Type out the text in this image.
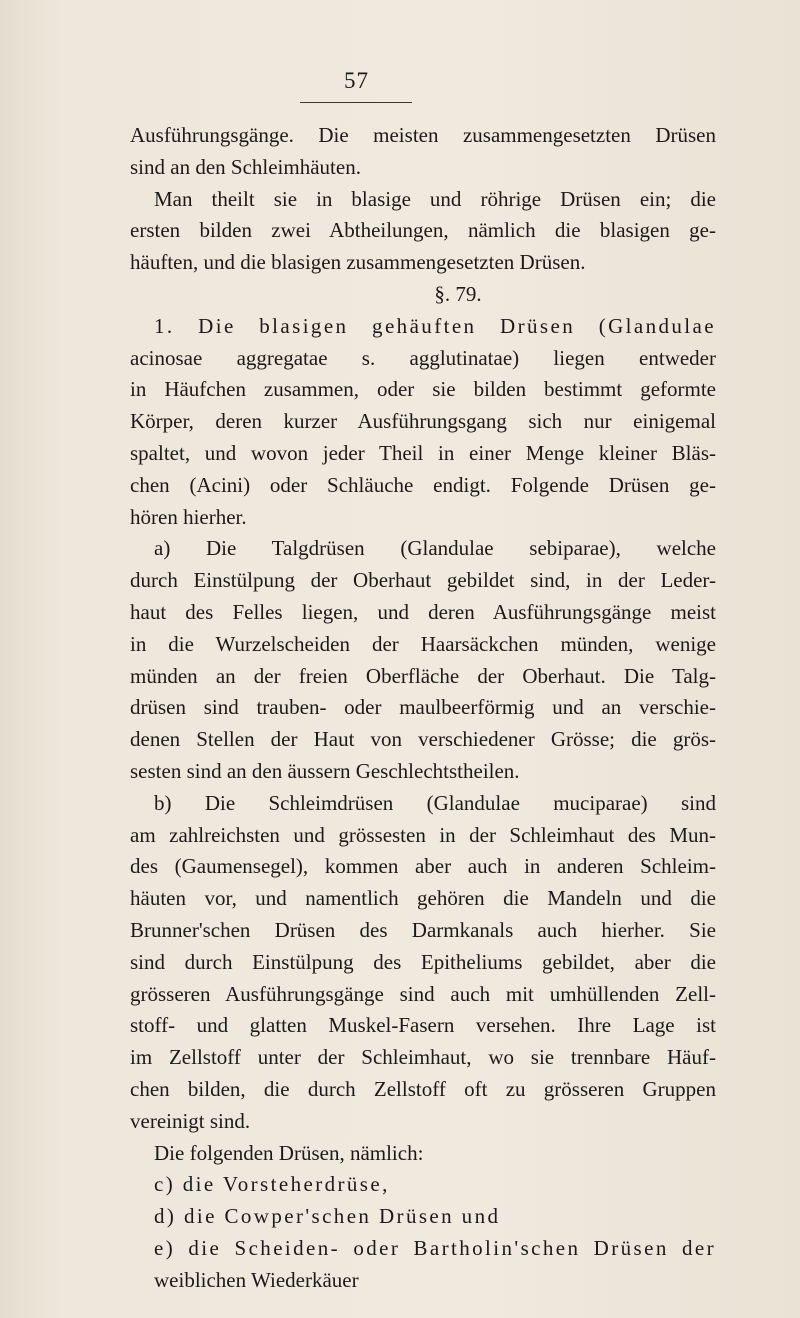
57
Ausführungsgänge. Die meisten zusammengesetzten Drüsen
sind an den Schleimhäuten.
Man theilt sie in blasige und röhrige Drüsen ein; die
ersten bilden zwei Abtheilungen, nämlich die blasigen ge-
häuften, und die blasigen zusammengesetzten Drüsen.
§. 79.
1. Die blasigen gehäuften Drüsen (Glandulae
acinosae aggregatae s. agglutinatae) liegen entweder
in Häufchen zusammen, oder sie bilden bestimmt geformte
Körper, deren kurzer Ausführungsgang sich nur einigemal
spaltet, und wovon jeder Theil in einer Menge kleiner Bläs-
chen (Acini) oder Schläuche endigt. Folgende Drüsen ge-
hören hierher.
a) Die Talgdrüsen (Glandulae sebiparae), welche
durch Einstülpung der Oberhaut gebildet sind, in der Leder-
haut des Felles liegen, und deren Ausführungsgänge meist
in die Wurzelscheiden der Haarsäckchen münden, wenige
münden an der freien Oberfläche der Oberhaut. Die Talg-
drüsen sind trauben- oder maulbeerförmig und an verschie-
denen Stellen der Haut von verschiedener Grösse; die grös-
sesten sind an den äussern Geschlechtstheilen.
b) Die Schleimdrüsen (Glandulae muciparae) sind
am zahlreichsten und grössesten in der Schleimhaut des Mun-
des (Gaumensegel), kommen aber auch in anderen Schleim-
häuten vor, und namentlich gehören die Mandeln und die
Brunner'schen Drüsen des Darmkanals auch hierher. Sie
sind durch Einstülpung des Epitheliums gebildet, aber die
grösseren Ausführungsgänge sind auch mit umhüllenden Zell-
stoff- und glatten Muskel-Fasern versehen. Ihre Lage ist
im Zellstoff unter der Schleimhaut, wo sie trennbare Häuf-
chen bilden, die durch Zellstoff oft zu grösseren Gruppen
vereinigt sind.
Die folgenden Drüsen, nämlich:
c) die Vorsteherdrüse,
d) die Cowper'schen Drüsen und
e) die Scheiden- oder Bartholin'schen Drüsen der
weiblichen Wiederkäuer
